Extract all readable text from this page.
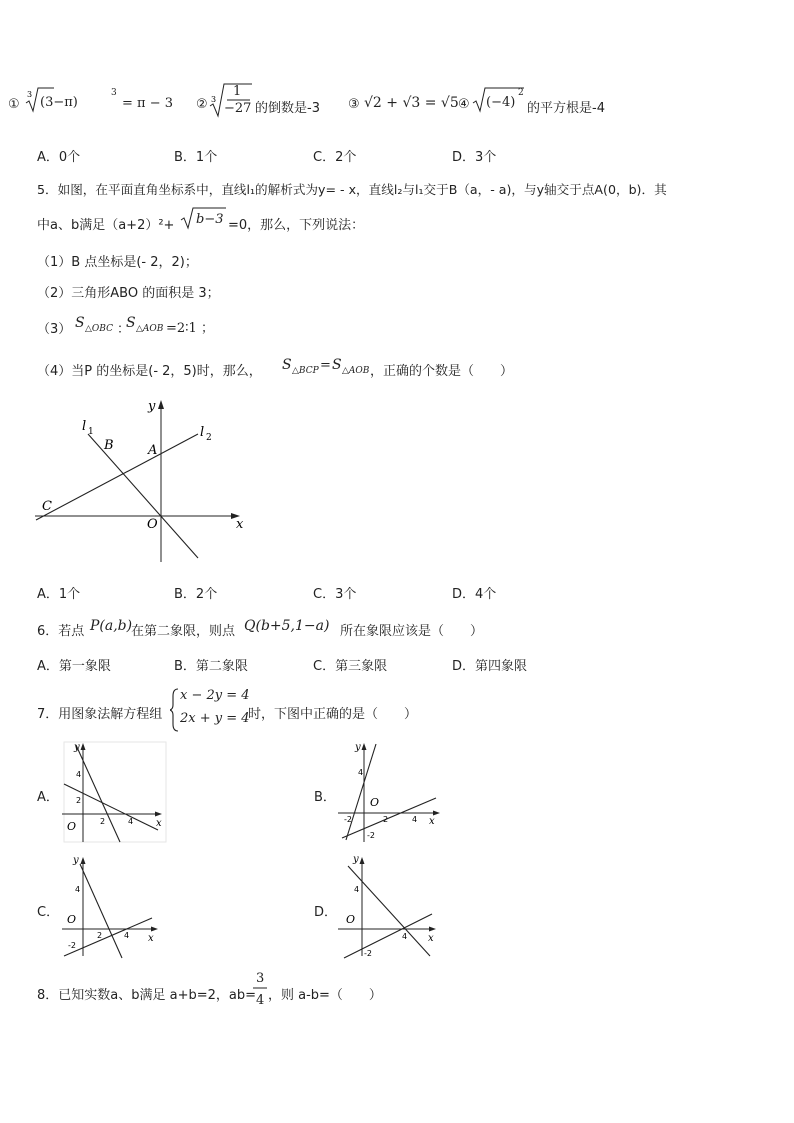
①
3
(3−π)
3
= π − 3 ② 3
1
−27 的倒数是-3 ③ √2 + √3 = √5 ④ (−4)
2
的平方根是-4
A．0个	B．1个	C．2个	D．3个
5．如图，在平面直角坐标系中，直线l₁的解析式为y= - x，直线l₂与l₁交于B（a，- a)，与y轴交于点A(0，b)．其
中a、b满足（a+2）²+ b−3 =0，那么，下列说法：
（1）B 点坐标是(- 2，2)；
（2）三角形ABO 的面积是 3；
（3） S △OBC ：
S △AOB =2∶1 ；
（4）当P 的坐标是(- 2，5)时，那么， S △BCP = S △AOB ，正确的个数是（　　）
y
x
l 1	l 2
A
B
C
O
A．1个	B．2个	C．3个	D．4个
6．若点 P(a,b)
在第二象限，则点 Q(b+5,1−a) 所在象限应该是（　　）
A．第一象限	B．第二象限	C．第三象限	D．第四象限
7．用图象法解方程组
x − 2y = 4
2x + y = 4
时，下图中正确的是（　　）
A．
y
x
O
4
2
2	4
B．
y
x
O
4
-2	2	4
-2
C．
y
x
O
4
-2
2	4
D．
y
x
O
4
-2
4
8．已知实数a、b满足 a+b=2，ab=
3
4 ，则 a-b=（　　）
